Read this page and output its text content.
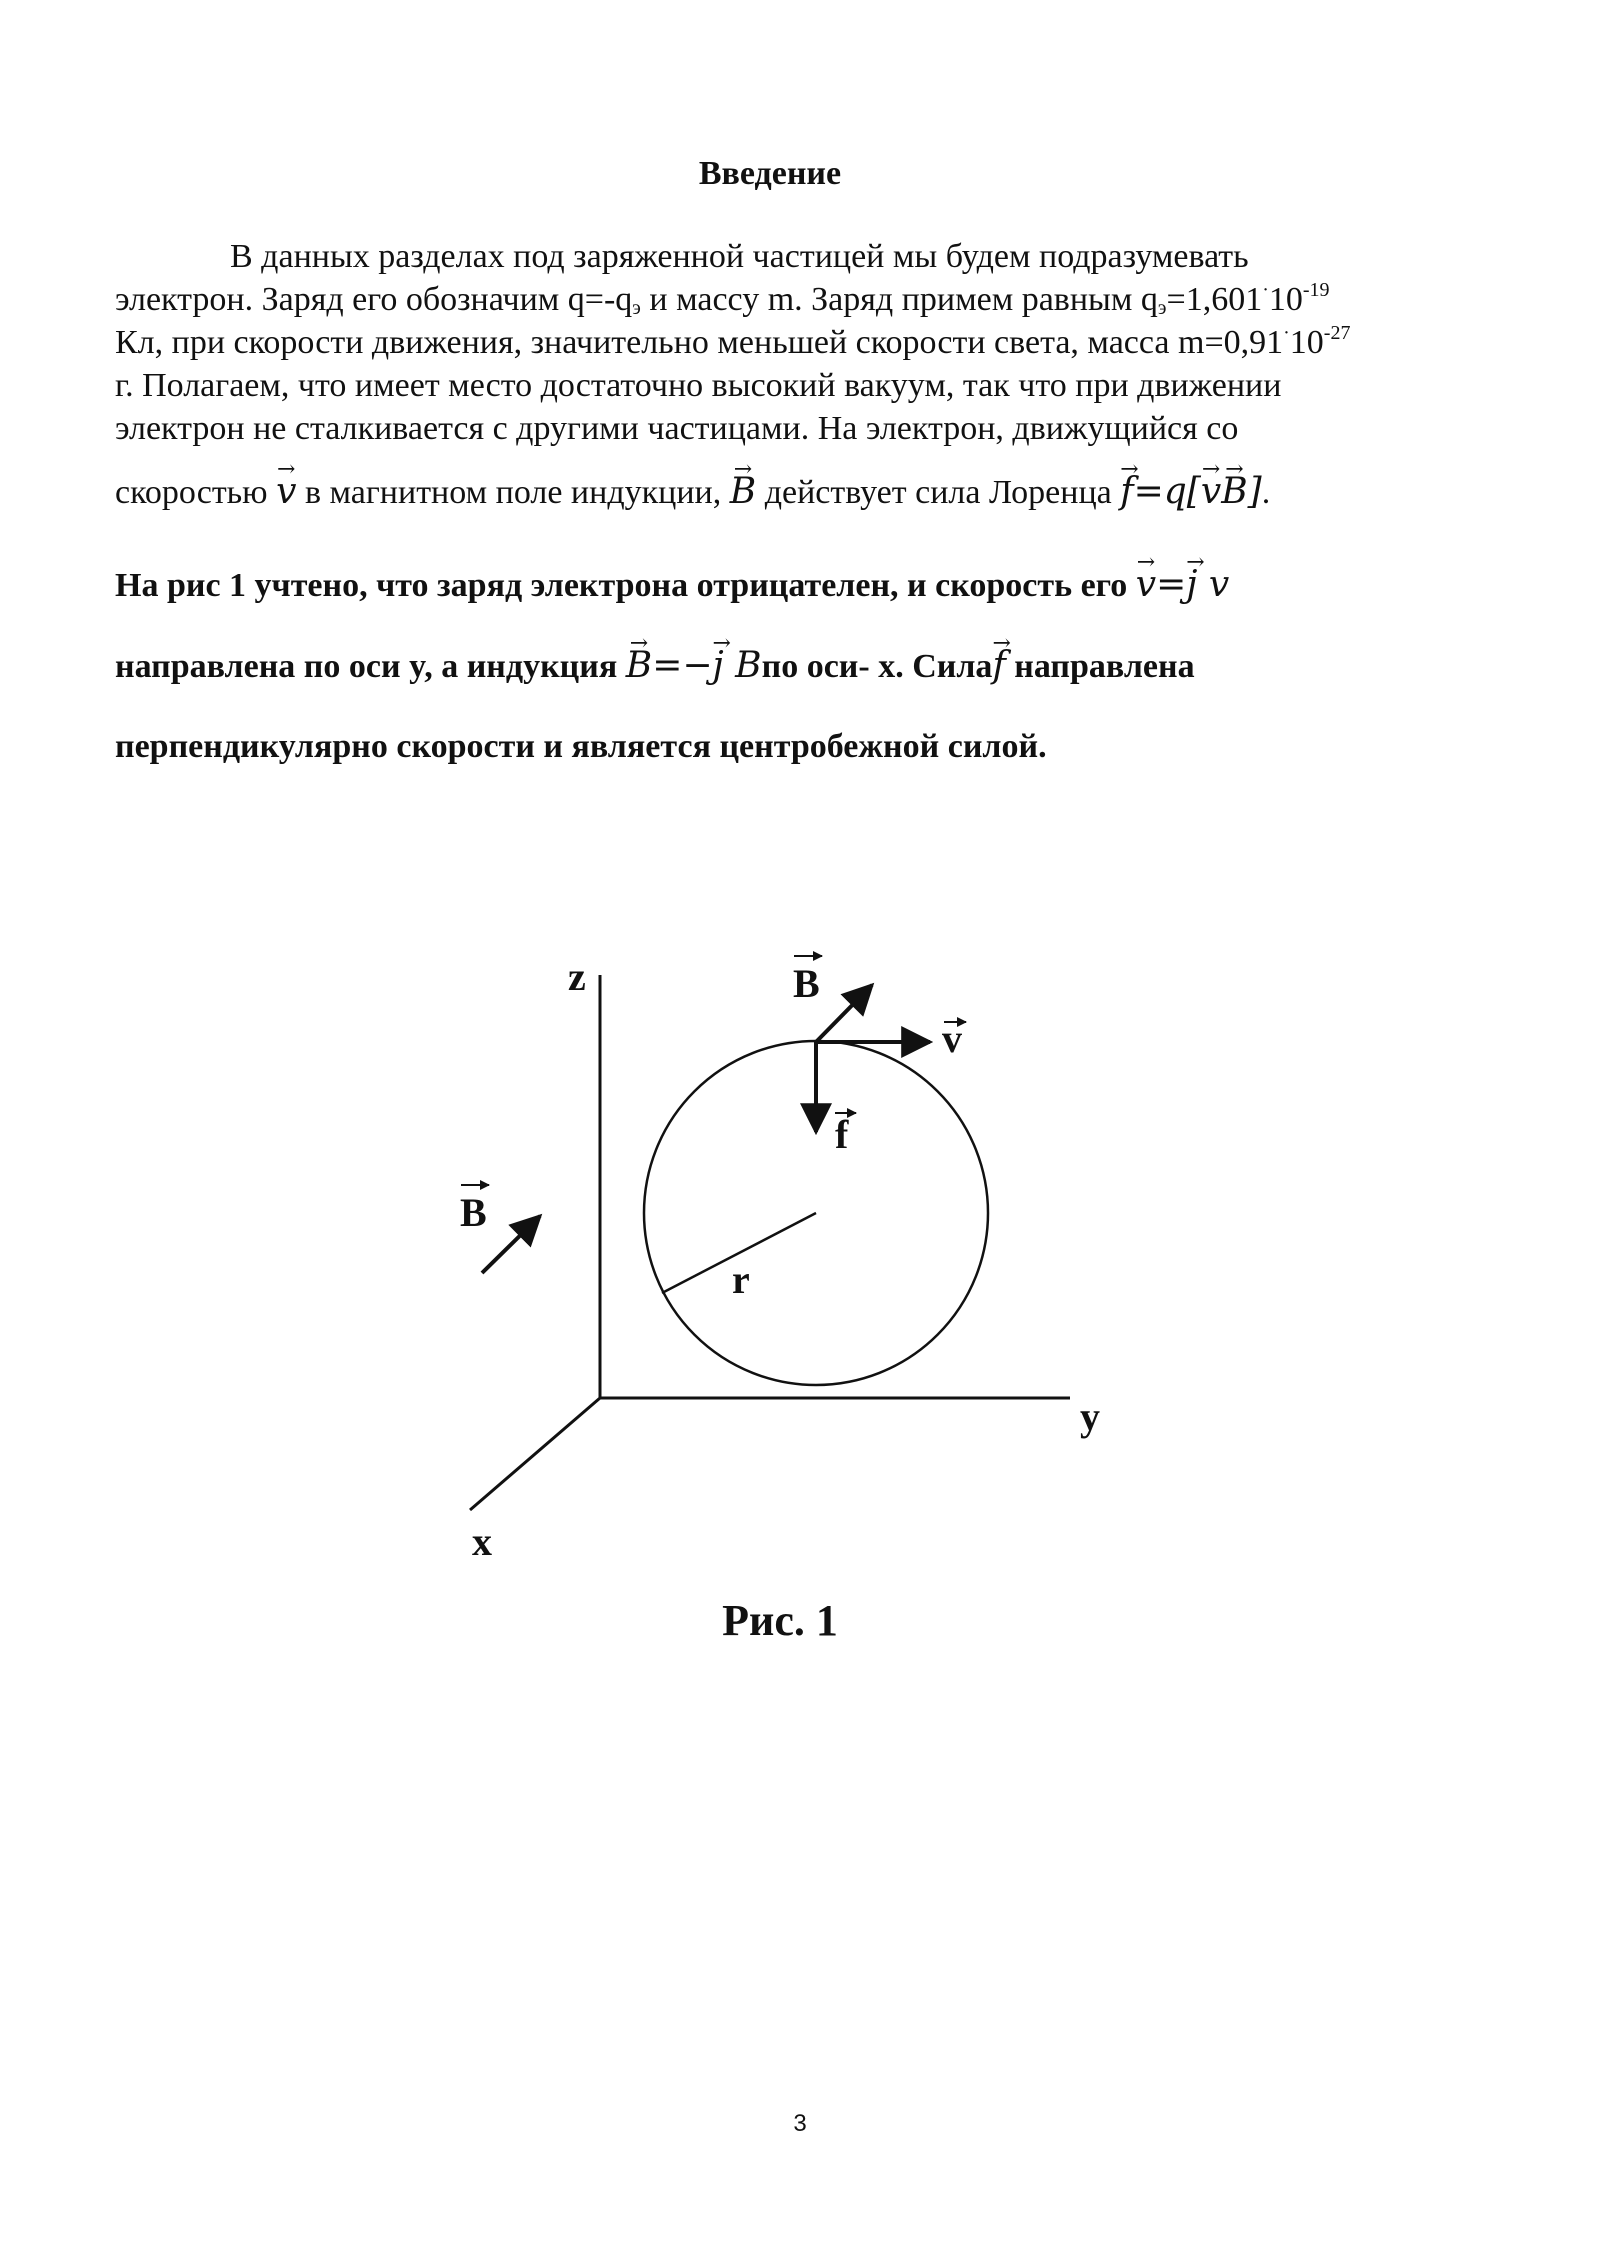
Введение
В данных разделах под заряженной частицей мы будем подразумевать
электрон. Заряд его обозначим $q=-q_э$ и массу m. Заряд примем равным $q_э=1,601^\cdot 10^{-19}$
Кл, при скорости движения, значительно меньшей скорости света, масса $m=0,91^\cdot 10^{-27}$
г. Полагаем, что имеет место достаточно высокий вакуум, так что при движении
электрон не сталкивается с другими частицами. На электрон, движущийся со
скоростью → v в магнитном поле индукции, → B действует сила Лоренца → f=q[→ v→ B].
На рис 1 учтено, что заряд электрона отрицателен, и скорость его → v=→ j v
направлена по оси y, а индукция → B=−→ j Bпо оси- x. Сила→ f направлена
перпендикулярно скорости и является центробежной силой.
z
y
x
r
B
v
f
B
Рис. 1
3
